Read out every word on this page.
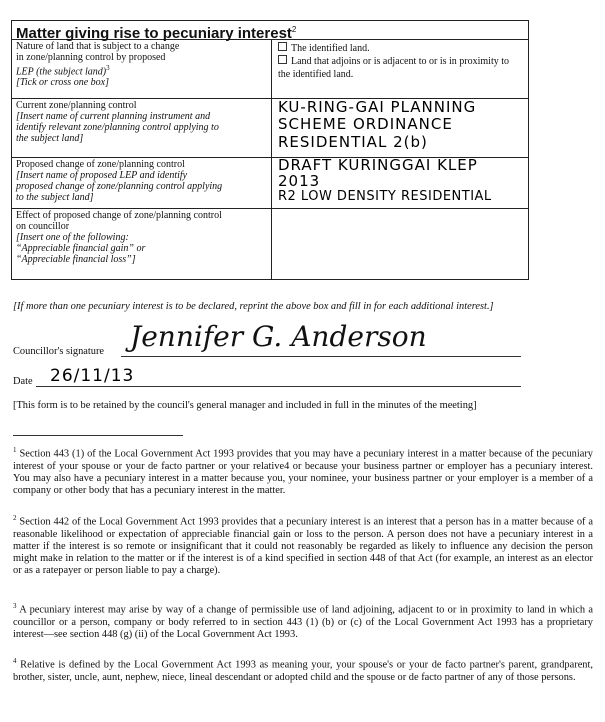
Matter giving rise to pecuniary interest$^2$
Nature of land that is subject to a change
in zone/planning control by proposed
LEP (the subject land)$^3$
[Tick or cross one box]
The identified land.
Land that adjoins or is adjacent to or is in proximity to the identified land.
Current zone/planning control
[Insert name of current planning instrument and
identify relevant zone/planning control applying to
the subject land]
KU-RING-GAI PLANNING
SCHEME ORDINANCE
RESIDENTIAL 2(b)
Proposed change of zone/planning control
[Insert name of proposed LEP and identify
proposed change of zone/planning control applying
to the subject land]
DRAFT KURINGGAI KLEP
2013
R2 LOW DENSITY RESIDENTIAL
Effect of proposed change of zone/planning control
on councillor
[Insert one of the following:
“Appreciable financial gain” or
“Appreciable financial loss”]
[If more than one pecuniary interest is to be declared, reprint the above box and fill in for each additional interest.]
Councillor's signature Jennifer G. Anderson
Date 26/11/13
[This form is to be retained by the council's general manager and included in full in the minutes of the meeting]
$^1$ Section 443 (1) of the Local Government Act 1993 provides that you may have a pecuniary interest in a matter because of the pecuniary interest of your spouse or your de facto partner or your relative4 or because your business partner or employer has a pecuniary interest. You may also have a pecuniary interest in a matter because you, your nominee, your business partner or your employer is a member of a company or other body that has a pecuniary interest in the matter.
$^2$ Section 442 of the Local Government Act 1993 provides that a pecuniary interest is an interest that a person has in a matter because of a reasonable likelihood or expectation of appreciable financial gain or loss to the person. A person does not have a pecuniary interest in a matter if the interest is so remote or insignificant that it could not reasonably be regarded as likely to influence any decision the person might make in relation to the matter or if the interest is of a kind specified in section 448 of that Act (for example, an interest as an elector or as a ratepayer or person liable to pay a charge).
$^3$ A pecuniary interest may arise by way of a change of permissible use of land adjoining, adjacent to or in proximity to land in which a councillor or a person, company or body referred to in section 443 (1) (b) or (c) of the Local Government Act 1993 has a proprietary interest—see section 448 (g) (ii) of the Local Government Act 1993.
$^4$ Relative is defined by the Local Government Act 1993 as meaning your, your spouse's or your de facto partner's parent, grandparent, brother, sister, uncle, aunt, nephew, niece, lineal descendant or adopted child and the spouse or de facto partner of any of those persons.
